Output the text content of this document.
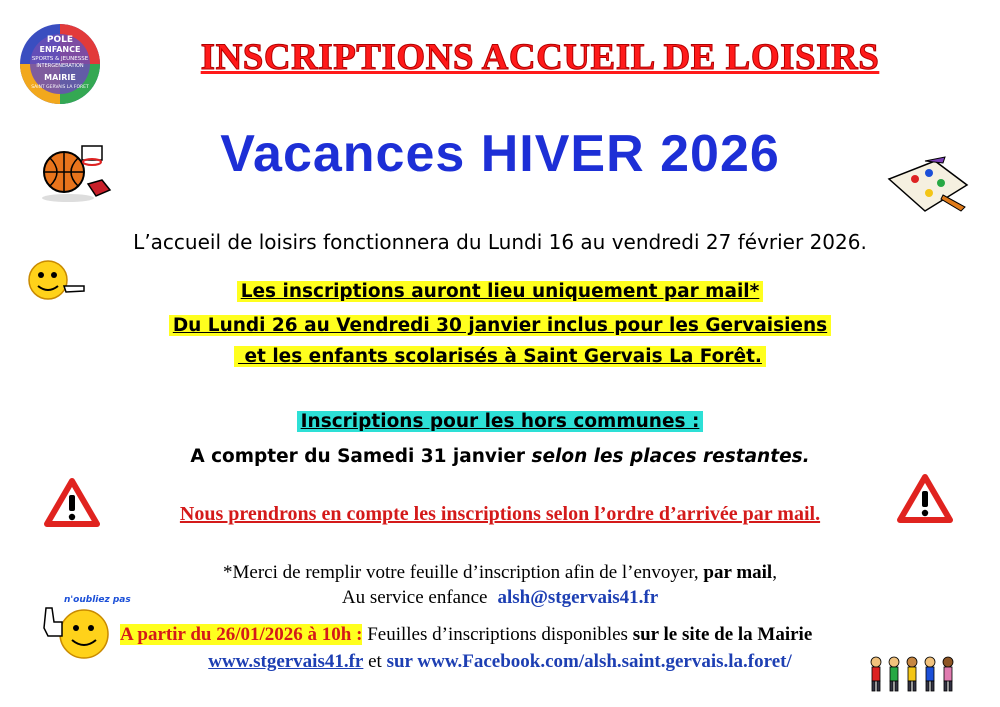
POLE
ENFANCE
SPORTS & JEUNESSE
INTERGENERATION
MAIRIE
SAINT GERVAIS LA FORET
INSCRIPTIONS ACCUEIL DE LOISIRS
Vacances HIVER 2026
L’accueil de loisirs fonctionnera du Lundi 16 au vendredi 27 février 2026.
Les inscriptions auront lieu uniquement par mail*
Du Lundi 26 au Vendredi 30 janvier inclus pour les Gervaisiens
et les enfants scolarisés à Saint Gervais La Forêt.
Inscriptions pour les hors communes :
A compter du Samedi 31 janvier selon les places restantes.
Nous prendrons en compte les inscriptions selon l’ordre d’arrivée par mail.
*Merci de remplir votre feuille d’inscription afin de l’envoyer, par mail,
Au service enfance alsh@stgervais41.fr
n'oubliez pas
A partir du 26/01/2026 à 10h : Feuilles d’inscriptions disponibles sur le site de la Mairie
www.stgervais41.fr et sur www.Facebook.com/alsh.saint.gervais.la.foret/
